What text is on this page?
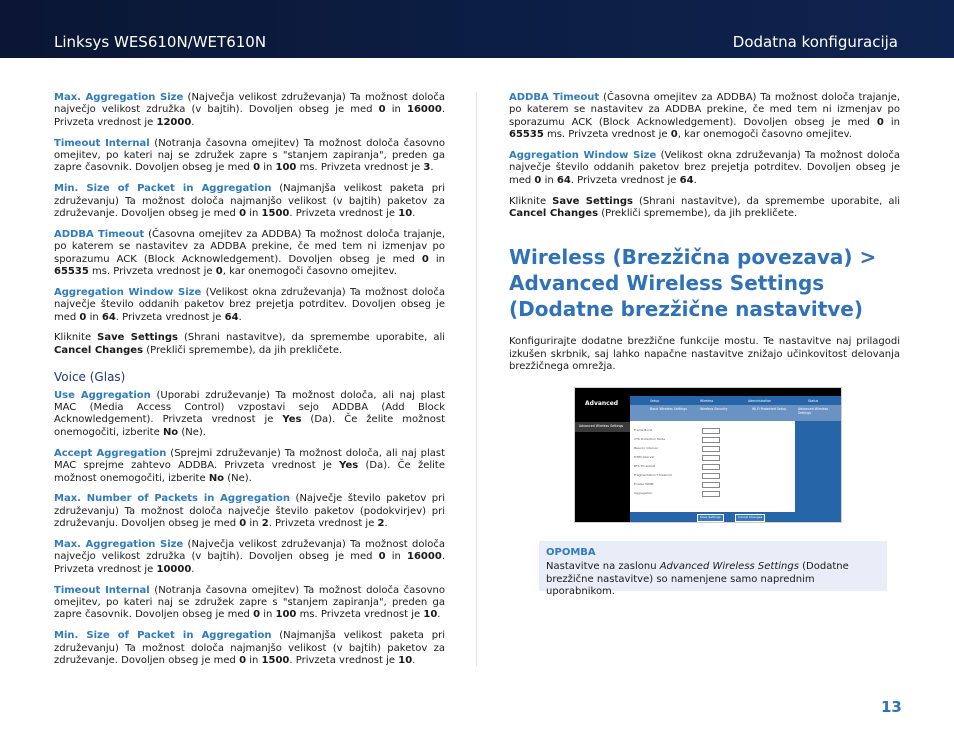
Linksys WES610N/WET610N	Dodatna konfiguracija

Max. Aggregation Size (Največja velikost združevanja) Ta možnost določa največjo velikost združka (v bajtih). Dovoljen obseg je med 0 in 16000. Privzeta vrednost je 12000.

Timeout Internal (Notranja časovna omejitev) Ta možnost določa časovno omejitev, po kateri naj se združek zapre s "stanjem zapiranja", preden ga zapre časovnik. Dovoljen obseg je med 0 in 100 ms. Privzeta vrednost je 3.

Min. Size of Packet in Aggregation (Najmanjša velikost paketa pri združevanju) Ta možnost določa najmanjšo velikost (v bajtih) paketov za združevanje. Dovoljen obseg je med 0 in 1500. Privzeta vrednost je 10.

ADDBA Timeout (Časovna omejitev za ADDBA) Ta možnost določa trajanje, po katerem se nastavitev za ADDBA prekine, če med tem ni izmenjav po sporazumu ACK (Block Acknowledgement). Dovoljen obseg je med 0 in 65535 ms. Privzeta vrednost je 0, kar onemogoči časovno omejitev.

Aggregation Window Size (Velikost okna združevanja) Ta možnost določa največje število oddanih paketov brez prejetja potrditev. Dovoljen obseg je med 0 in 64. Privzeta vrednost je 64.

Kliknite Save Settings (Shrani nastavitve), da spremembe uporabite, ali Cancel Changes (Prekliči spremembe), da jih prekličete.

Voice (Glas)

Use Aggregation (Uporabi združevanje) Ta možnost določa, ali naj plast MAC (Media Access Control) vzpostavi sejo ADDBA (Add Block Acknowledgement). Privzeta vrednost je Yes (Da). Če želite možnost onemogočiti, izberite No (Ne).

Accept Aggregation (Sprejmi združevanje) Ta možnost določa, ali naj plast MAC sprejme zahtevo ADDBA. Privzeta vrednost je Yes (Da). Če želite možnost onemogočiti, izberite No (Ne).

Max. Number of Packets in Aggregation (Največje število paketov pri združevanju) Ta možnost določa največje število paketov (podokvirjev) pri združevanju. Dovoljen obseg je med 0 in 2. Privzeta vrednost je 2.

Max. Aggregation Size (Največja velikost združevanja) Ta možnost določa največjo velikost združka (v bajtih). Dovoljen obseg je med 0 in 16000. Privzeta vrednost je 10000.

Timeout Internal (Notranja časovna omejitev) Ta možnost določa časovno omejitev, po kateri naj se združek zapre s "stanjem zapiranja", preden ga zapre časovnik. Dovoljen obseg je med 0 in 100 ms. Privzeta vrednost je 10.

Min. Size of Packet in Aggregation (Najmanjša velikost paketa pri združevanju) Ta možnost določa najmanjšo velikost (v bajtih) paketov za združevanje. Dovoljen obseg je med 0 in 1500. Privzeta vrednost je 10.

ADDBA Timeout (Časovna omejitev za ADDBA) Ta možnost določa trajanje, po katerem se nastavitev za ADDBA prekine, če med tem ni izmenjav po sporazumu ACK (Block Acknowledgement). Dovoljen obseg je med 0 in 65535 ms. Privzeta vrednost je 0, kar onemogoči časovno omejitev.

Aggregation Window Size (Velikost okna združevanja) Ta možnost določa največje število oddanih paketov brez prejetja potrditev. Dovoljen obseg je med 0 in 64. Privzeta vrednost je 64.

Kliknite Save Settings (Shrani nastavitve), da spremembe uporabite, ali Cancel Changes (Prekliči spremembe), da jih prekličete.

Wireless (Brezžična povezava) > Advanced Wireless Settings (Dodatne brezžične nastavitve)

Konfigurirajte dodatne brezžične funkcije mostu. Te nastavitve naj prilagodi izkušen skrbnik, saj lahko napačne nastavitve znižajo učinkovitost delovanja brezžičnega omrežja.

Advanced	Setup	Wireless	Administration	Status
Basic Wireless Settings	Wireless Security	Wi-Fi Protected Setup	Advanced Wireless Settings
Advanced Wireless Settings
Frame Burst
CTS Protection Mode
Beacon Interval
DTIM Interval
RTS Threshold
Fragmentation Threshold
Enable WMM
Aggregation
Save Settings	Cancel Changes
OPOMBA
Nastavitve na zaslonu Advanced Wireless Settings (Dodatne brezžične nastavitve) so namenjene samo naprednim uporabnikom.
13
